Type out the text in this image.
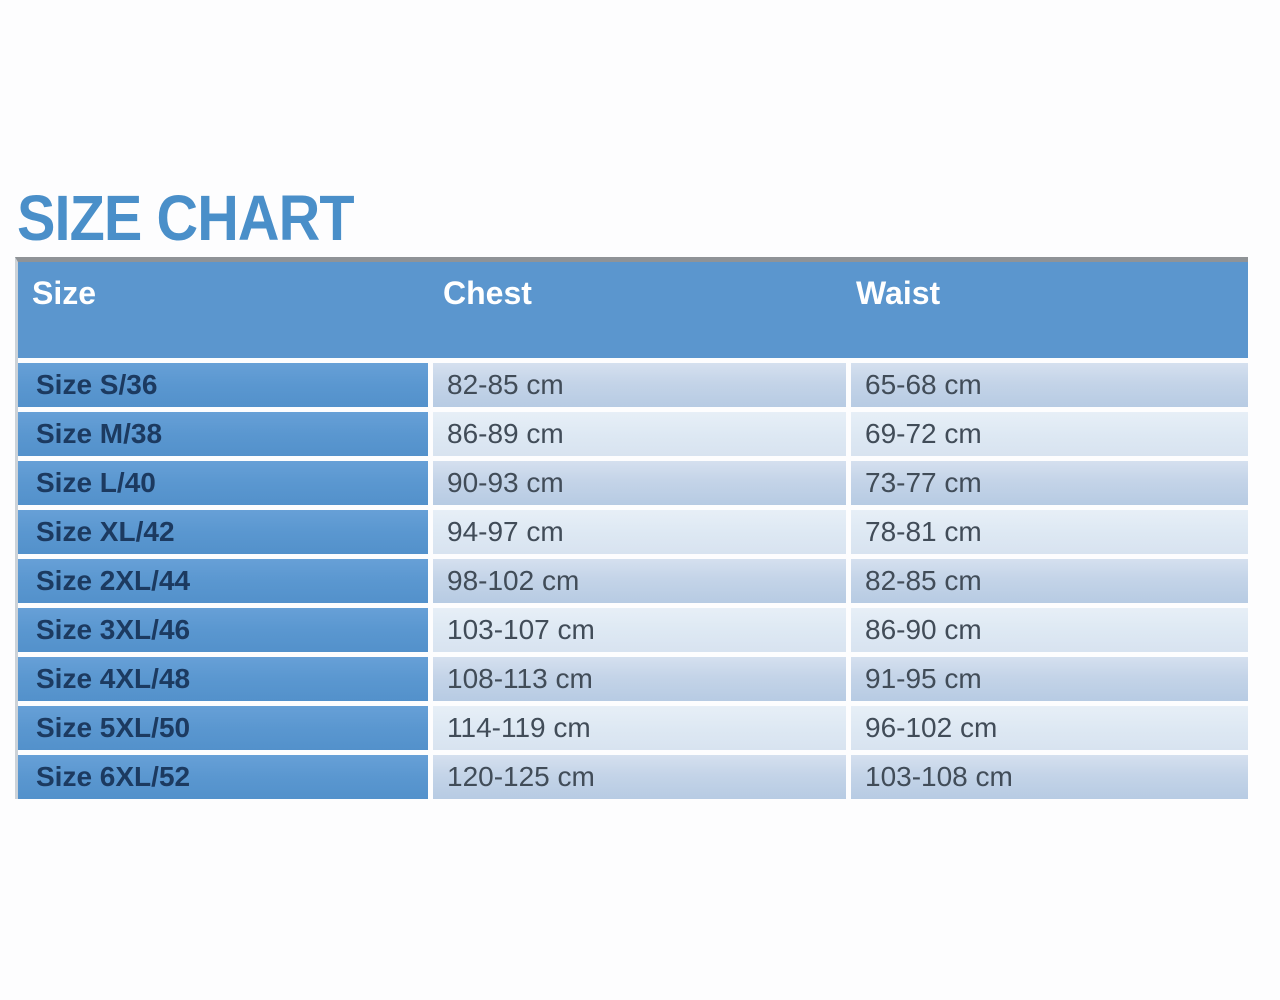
SIZE CHART
Size	Chest	Waist
Size S/36	82-85 cm	65-68 cm
Size M/38	86-89 cm	69-72 cm
Size L/40	90-93 cm	73-77 cm
Size XL/42	94-97 cm	78-81 cm
Size 2XL/44	98-102 cm	82-85 cm
Size 3XL/46	103-107 cm	86-90 cm
Size 4XL/48	108-113 cm	91-95 cm
Size 5XL/50	114-119 cm	96-102 cm
Size 6XL/52	120-125 cm	103-108 cm
